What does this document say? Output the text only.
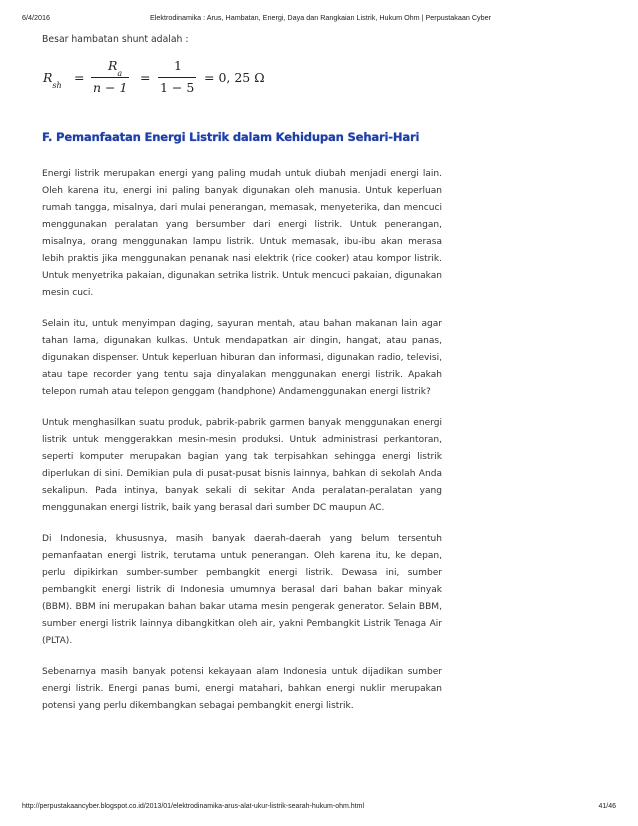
6/4/2016	Elektrodinamika : Arus, Hambatan, Energi, Daya dan Rangkaian Listrik, Hukum Ohm | Perpustakaan Cyber

Besar hambatan shunt adalah :

$R_{sh}$ =
$R_a$
n − 1
=
1
1 − 5
= 0, 25 Ω
F. Pemanfaatan Energi Listrik dalam Kehidupan Sehari-Hari

Energi listrik merupakan energi yang paling mudah untuk diubah menjadi energi lain. Oleh karena itu, energi ini paling banyak digunakan oleh manusia. Untuk keperluan rumah tangga, misalnya, dari mulai penerangan, memasak, menyeterika, dan mencuci menggunakan peralatan yang bersumber dari energi listrik. Untuk penerangan, misalnya, orang menggunakan lampu listrik. Untuk memasak, ibu-ibu akan merasa lebih praktis jika menggunakan penanak nasi elektrik (rice cooker) atau kompor listrik. Untuk menyetrika pakaian, digunakan setrika listrik. Untuk mencuci pakaian, digunakan mesin cuci.

Selain itu, untuk menyimpan daging, sayuran mentah, atau bahan makanan lain agar tahan lama, digunakan kulkas. Untuk mendapatkan air dingin, hangat, atau panas, digunakan dispenser. Untuk keperluan hiburan dan informasi, digunakan radio, televisi, atau tape recorder yang tentu saja dinyalakan menggunakan energi listrik. Apakah telepon rumah atau telepon genggam (handphone) Andamenggunakan energi listrik?

Untuk menghasilkan suatu produk, pabrik-pabrik garmen banyak menggunakan energi listrik untuk menggerakkan mesin-mesin produksi. Untuk administrasi perkantoran, seperti komputer merupakan bagian yang tak terpisahkan sehingga energi listrik diperlukan di sini. Demikian pula di pusat-pusat bisnis lainnya, bahkan di sekolah Anda sekalipun. Pada intinya, banyak sekali di sekitar Anda peralatan-peralatan yang menggunakan energi listrik, baik yang berasal dari sumber DC maupun AC.

Di Indonesia, khususnya, masih banyak daerah-daerah yang belum tersentuh pemanfaatan energi listrik, terutama untuk penerangan. Oleh karena itu, ke depan, perlu dipikirkan sumber-sumber pembangkit energi listrik. Dewasa ini, sumber pembangkit energi listrik di Indonesia umumnya berasal dari bahan bakar minyak (BBM). BBM ini merupakan bahan bakar utama mesin pengerak generator. Selain BBM, sumber energi listrik lainnya dibangkitkan oleh air, yakni Pembangkit Listrik Tenaga Air (PLTA).

Sebenarnya masih banyak potensi kekayaan alam Indonesia untuk dijadikan sumber energi listrik. Energi panas bumi, energi matahari, bahkan energi nuklir merupakan potensi yang perlu dikembangkan sebagai pembangkit energi listrik.

http://perpustakaancyber.blogspot.co.id/2013/01/elektrodinamika-arus-alat-ukur-listrik-searah-hukum-ohm.html	41/46
